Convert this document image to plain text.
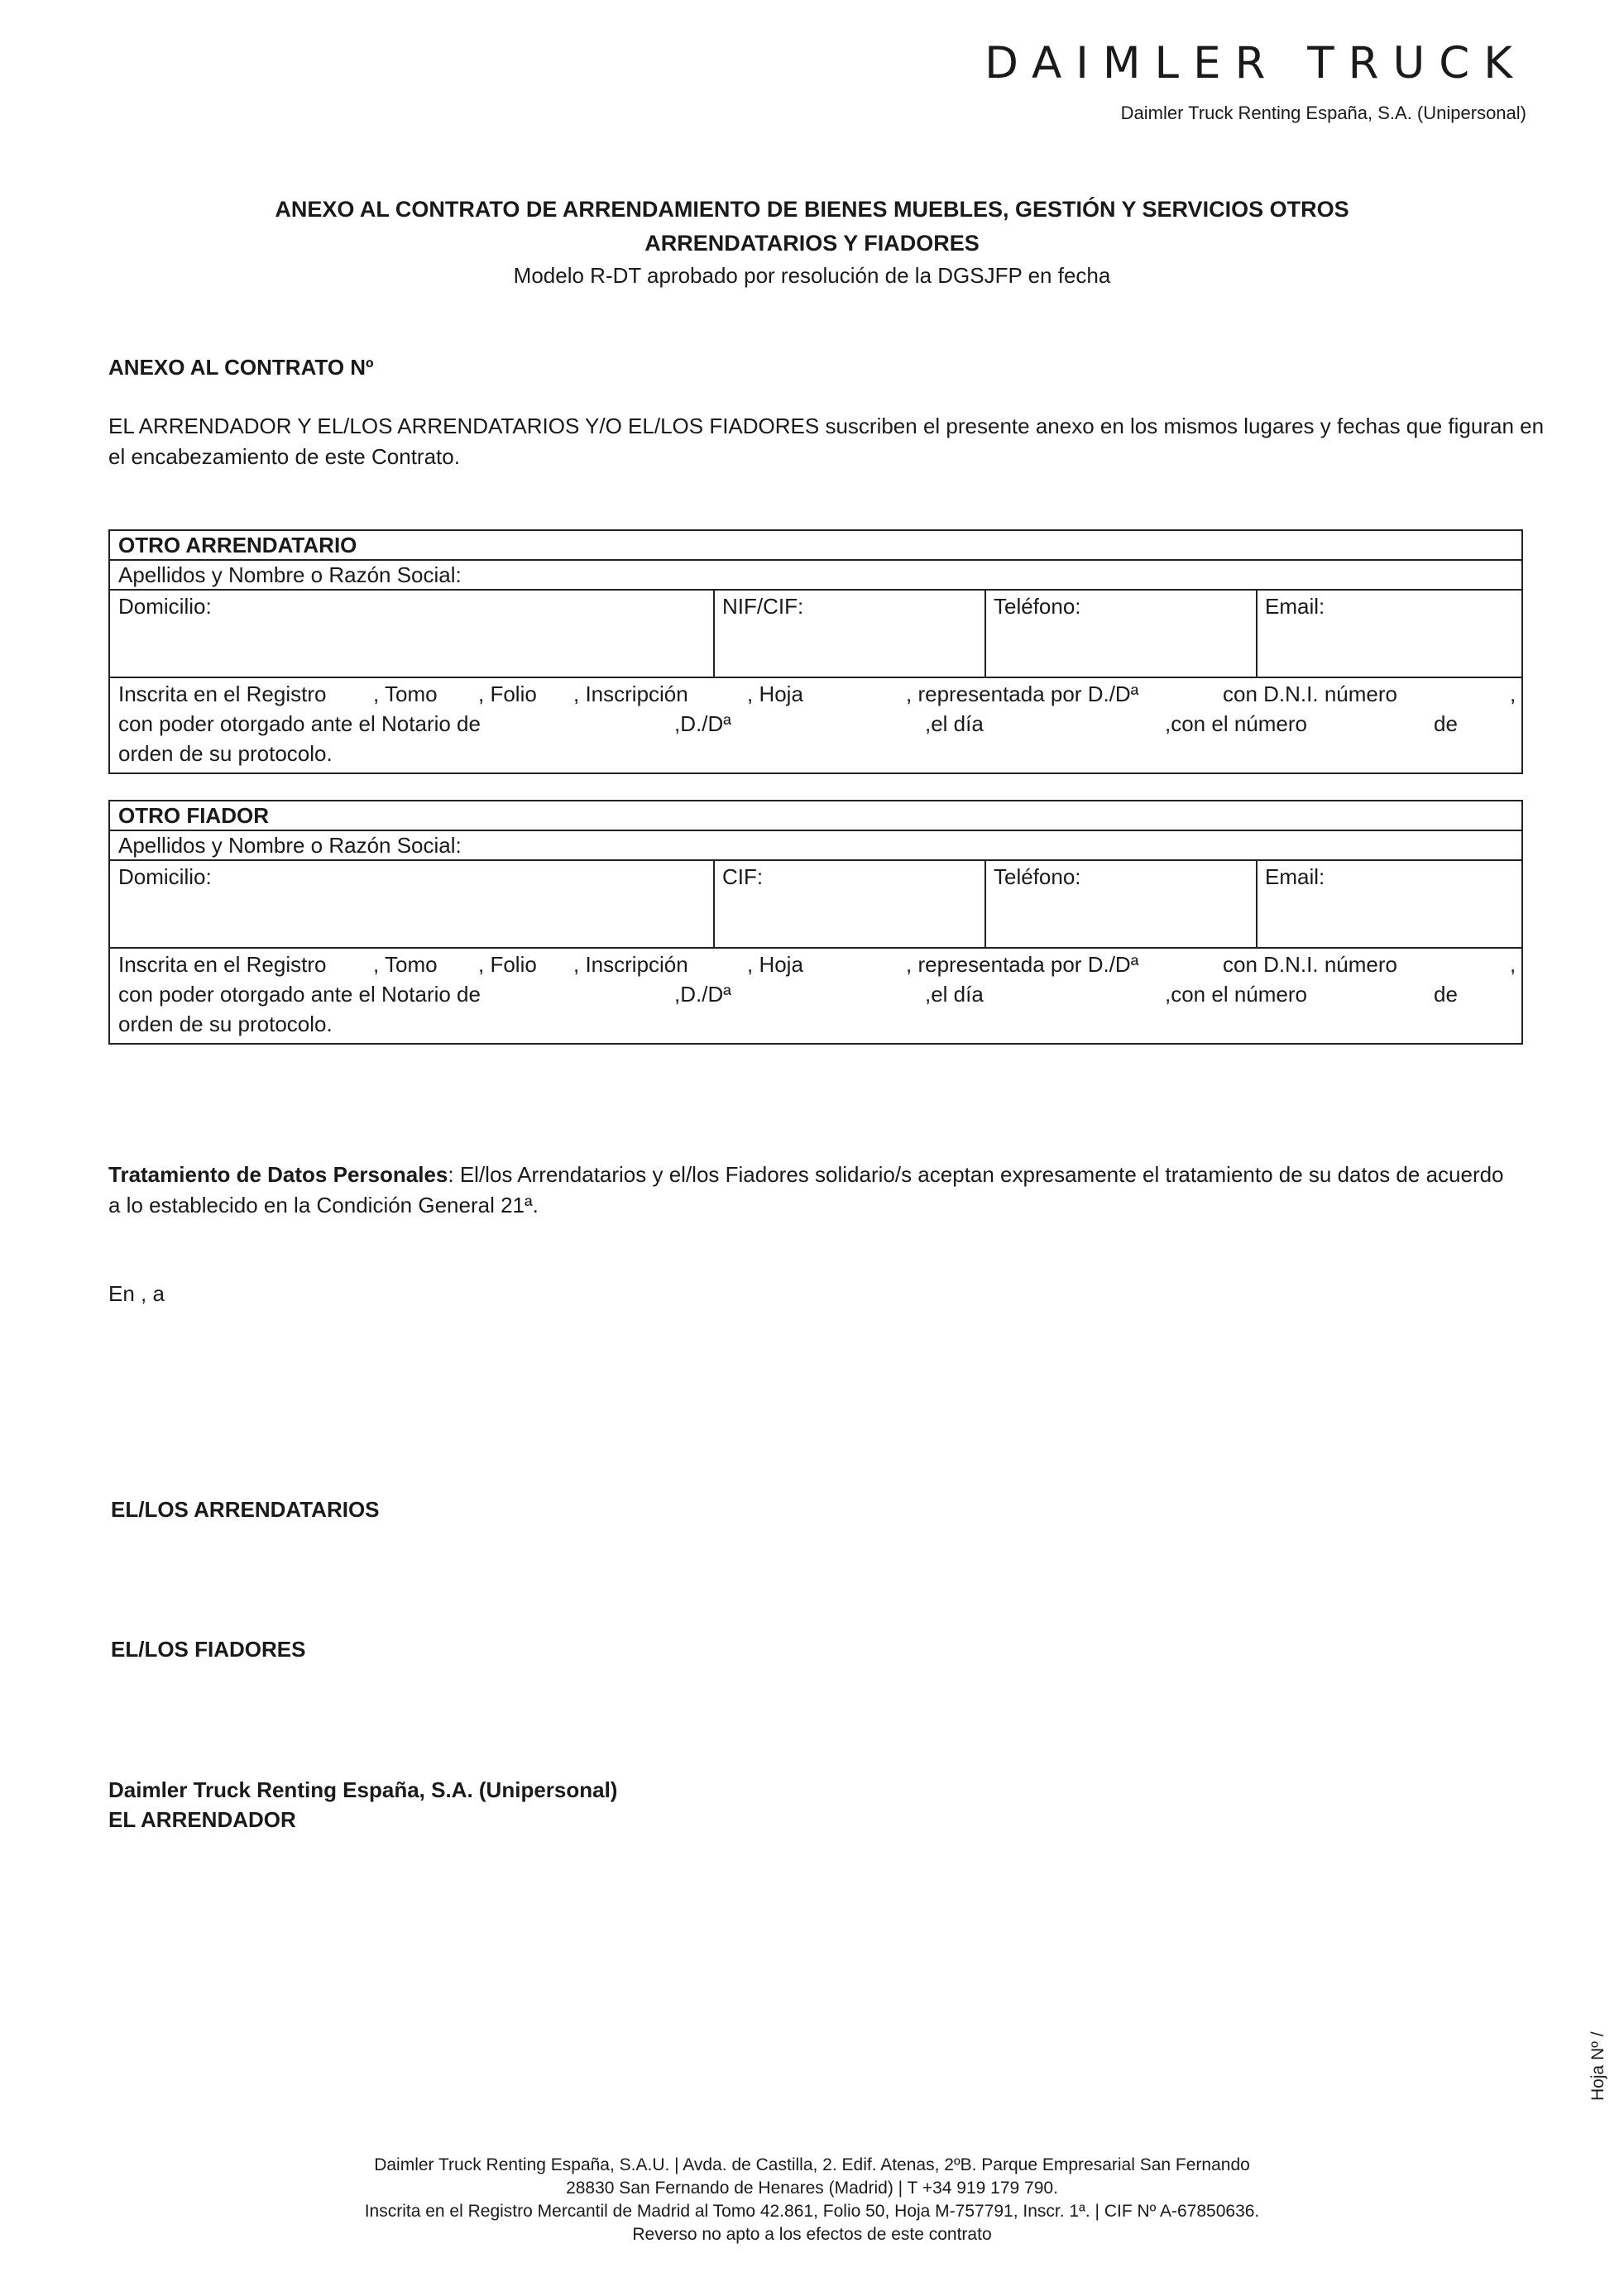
DAIMLER TRUCK
Daimler Truck Renting España, S.A. (Unipersonal)
ANEXO AL CONTRATO DE ARRENDAMIENTO DE BIENES MUEBLES, GESTIÓN Y SERVICIOS OTROS
ARRENDATARIOS Y FIADORES
Modelo R-DT aprobado por resolución de la DGSJFP en fecha
ANEXO AL CONTRATO Nº
EL ARRENDADOR Y EL/LOS ARRENDATARIOS Y/O EL/LOS FIADORES suscriben el presente anexo en los mismos lugares y fechas que figuran en
el encabezamiento de este Contrato.
OTRO ARRENDATARIO
Apellidos y Nombre o Razón Social:
Domicilio:	NIF/CIF:	Teléfono:	Email:
Inscrita en el Registro , Tomo , Folio , Inscripción	, Hoja	, representada por D./Dª	con D.N.I. número	,
con poder otorgado ante el Notario de	,D./Dª	,el día	,con el número	de
orden de su protocolo.
OTRO FIADOR
Apellidos y Nombre o Razón Social:
Domicilio:	CIF:	Teléfono:	Email:
Inscrita en el Registro , Tomo , Folio , Inscripción	, Hoja	, representada por D./Dª	con D.N.I. número	,
con poder otorgado ante el Notario de	,D./Dª	,el día	,con el número	de
orden de su protocolo.
Tratamiento de Datos Personales: El/los Arrendatarios y el/los Fiadores solidario/s aceptan expresamente el tratamiento de su datos de acuerdo
a lo establecido en la Condición General 21ª.
En , a
EL/LOS ARRENDATARIOS
EL/LOS FIADORES
Daimler Truck Renting España, S.A. (Unipersonal)
EL ARRENDADOR
Hoja Nº /
Daimler Truck Renting España, S.A.U. | Avda. de Castilla, 2. Edif. Atenas, 2ºB. Parque Empresarial San Fernando
28830 San Fernando de Henares (Madrid) | T +34 919 179 790.
Inscrita en el Registro Mercantil de Madrid al Tomo 42.861, Folio 50, Hoja M-757791, Inscr. 1ª. | CIF Nº A-67850636.
Reverso no apto a los efectos de este contrato
